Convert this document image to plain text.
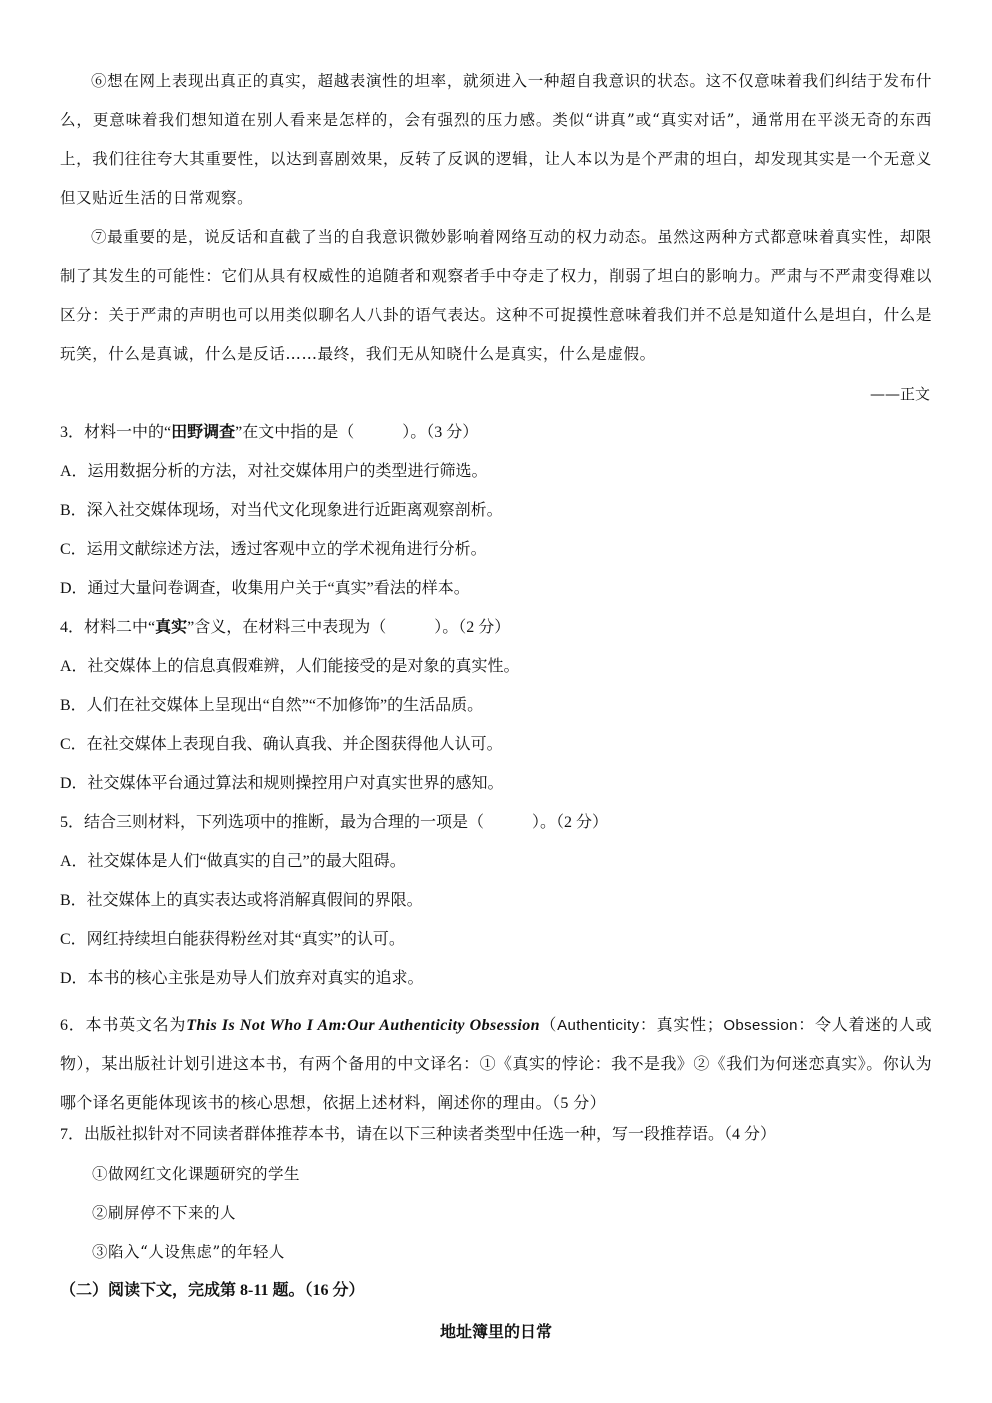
⑥想在网上表现出真正的真实，超越表演性的坦率，就须进入一种超自我意识的状态。这不仅意味着我们纠结于发布什么，更意味着我们想知道在别人看来是怎样的，会有强烈的压力感。类似“讲真”或“真实对话”，通常用在平淡无奇的东西上，我们往往夸大其重要性，以达到喜剧效果，反转了反讽的逻辑，让人本以为是个严肃的坦白，却发现其实是一个无意义但又贴近生活的日常观察。

⑦最重要的是，说反话和直截了当的自我意识微妙影响着网络互动的权力动态。虽然这两种方式都意味着真实性，却限制了其发生的可能性：它们从具有权威性的追随者和观察者手中夺走了权力，削弱了坦白的影响力。严肃与不严肃变得难以区分：关于严肃的声明也可以用类似聊名人八卦的语气表达。这种不可捉摸性意味着我们并不总是知道什么是坦白，什么是玩笑，什么是真诚，什么是反话……最终，我们无从知晓什么是真实，什么是虚假。

——正文

3．材料一中的“田野调查”在文中指的是（　　　）。（3 分）

A．运用数据分析的方法，对社交媒体用户的类型进行筛选。

B．深入社交媒体现场，对当代文化现象进行近距离观察剖析。

C．运用文献综述方法，透过客观中立的学术视角进行分析。

D．通过大量问卷调查，收集用户关于“真实”看法的样本。

4．材料二中“真实”含义，在材料三中表现为（　　　）。（2 分）

A．社交媒体上的信息真假难辨，人们能接受的是对象的真实性。

B．人们在社交媒体上呈现出“自然”“不加修饰”的生活品质。

C．在社交媒体上表现自我、确认真我、并企图获得他人认可。

D．社交媒体平台通过算法和规则操控用户对真实世界的感知。

5．结合三则材料，下列选项中的推断，最为合理的一项是（　　　）。（2 分）

A．社交媒体是人们“做真实的自己”的最大阻碍。

B．社交媒体上的真实表达或将消解真假间的界限。

C．网红持续坦白能获得粉丝对其“真实”的认可。

D．本书的核心主张是劝导人们放弃对真实的追求。

6．本书英文名为This Is Not Who I Am:Our Authenticity Obsession（Authenticity：真实性；Obsession：令人着迷的人或物），某出版社计划引进这本书，有两个备用的中文译名：①《真实的悖论：我不是我》②《我们为何迷恋真实》。你认为哪个译名更能体现该书的核心思想，依据上述材料，阐述你的理由。（5 分）

7．出版社拟针对不同读者群体推荐本书，请在以下三种读者类型中任选一种，写一段推荐语。（4 分）

①做网红文化课题研究的学生

②刷屏停不下来的人

③陷入“人设焦虑”的年轻人

（二）阅读下文，完成第 8-11 题。（16 分）

地址簿里的日常
